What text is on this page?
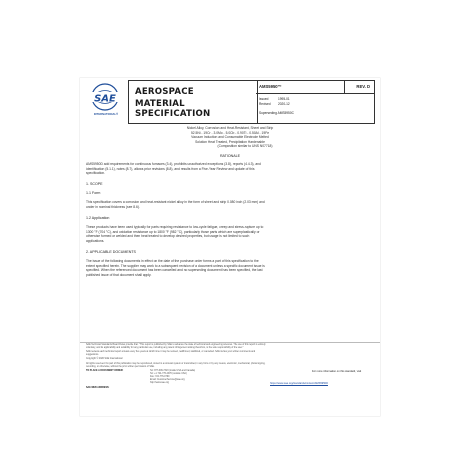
SAE
INTERNATIONAL®
AEROSPACE
MATERIAL SPECIFICATION
AMS5950™	REV. D
Issued	1995-01
Revised 2020-12
Superseding AMS5950C
Nickel Alloy, Corrosion and Heat-Resistant, Sheet and Strip
52.5Ni - 19Cr - 3.0Mo - 5.0Cb - 0.90Ti - 0.50Al - 19Fe
Vacuum Induction and Consumable Electrode Melted
Solution Heat Treated, Precipitation Hardenable
(Composition similar to UNS N07718)
RATIONALE
AMS5950D add requirements for continuous furnaces (3.4), prohibits unauthorized exceptions (3.8), reports (4.4.3), and
identification (5.1.1), notes (8.7), allows prior revisions (8.8), and results from a Five-Year Review and update of this
specification.
1. SCOPE
1.1 Form
This specification covers a corrosion and heat-resistant nickel alloy in the form of sheet and strip 0.080 inch (2.03 mm) and
under in nominal thickness (see 8.6).
1.2 Application
These products have been used typically for parts requiring resistance to low-cycle fatigue, creep and stress-rupture up to
1300 °F (704 °C), and oxidation resistance up to 1800 °F (982 °C), particularly those parts which are superplastically or
otherwise formed or welded and then heat treated to develop desired properties, but usage is not limited to such
applications.
2. APPLICABLE DOCUMENTS
The issue of the following documents in effect on the date of the purchase order forms a part of this specification to the
extent specified herein. The supplier may work to a subsequent revision of a document unless a specific document issue is
specified. When the referenced document has been cancelled and no superseding document has been specified, the last
published issue of that document shall apply.
SAE Technical Standards Board Rules provide that: "This report is published by SAE to advance the state of technical and engineering sciences. The use of this report is entirely
voluntary, and its applicability and suitability for any particular use, including any patent infringement arising therefrom, is the sole responsibility of the user."
SAE reviews each technical report at least every five years at which time it may be revised, reaffirmed, stabilized, or cancelled. SAE invites your written comments and
suggestions.
Copyright © 2020 SAE International
All rights reserved. No part of this publication may be reproduced, stored in a retrieval system or transmitted, in any form or by any means, electronic, mechanical, photocopying,
recording, or otherwise, without the prior written permission of SAE.
TO PLACE A DOCUMENT ORDER:	Tel: 877-606-7323 (inside USA and Canada)
Tel: +1 724-776-4970 (outside USA)
Fax: 724-776-0790
Email: CustomerService@sae.org
http://www.sae.org
SAE WEB ADDRESS:
For more information on this standard, visit
https://www.sae.org/standards/content/AMS5950D
